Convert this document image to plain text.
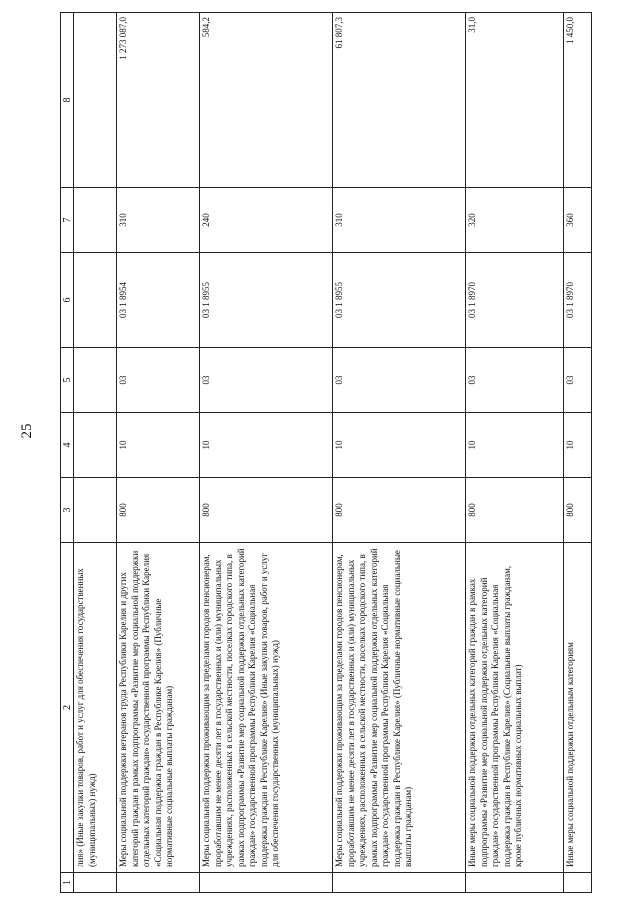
25
1	2	3	4	5	6	7	8
	лия» (Иные закупки товаров, работ и услуг для обеспечения государственных (муниципальных) нужд)						
	Меры социальной поддержки ветеранов труда Республики Карелия и других категорий граждан в рамках подпрограммы «Развитие мер социальной поддержки отдельных категорий граждан» государственной программы Республики Карелия «Социальная поддержка граждан в Республике Карелия» (Публичные нормативные социальные выплаты гражданам)	800	10	03	03 1 8954	310	1 273 087,0
	Меры социальной поддержки проживающим за пределами городов пенсионерам, проработавшим не менее десяти лет в государственных и (или) муниципальных учреждениях, расположенных в сельской местности, поселках городского типа, в рамках подпрограммы «Развитие мер социальной поддержки отдельных категорий граждан» государственной программы Республики Карелия «Социальная поддержка граждан в Республике Карелия» (Иные закупки товаров, работ и услуг для обеспечения государственных (муниципальных) нужд)	800	10	03	03 1 8955	240	584,2
	Меры социальной поддержки проживающим за пределами городов пенсионерам, проработавшим не менее десяти лет в государственных и (или) муниципальных учреждениях, расположенных в сельской местности, поселках городского типа, в рамках подпрограммы «Развитие мер социальной поддержки отдельных категорий граждан» государственной программы Республики Карелия «Социальная поддержка граждан в Республике Карелия» (Публичные нормативные социальные выплаты гражданам)	800	10	03	03 1 8955	310	61 807,3
	Иные меры социальной поддержки отдельных категорий граждан в рамках подпрограммы «Развитие мер социальной поддержки отдельных категорий граждан» государственной программы Республики Карелия «Социальная поддержка граждан в Республике Карелия» (Социальные выплаты гражданам, кроме публичных нормативных социальных выплат)	800	10	03	03 1 8970	320	31,0
	Иные меры социальной поддержки отдельным категориям	800	10	03	03 1 8970	360	1 450,0
